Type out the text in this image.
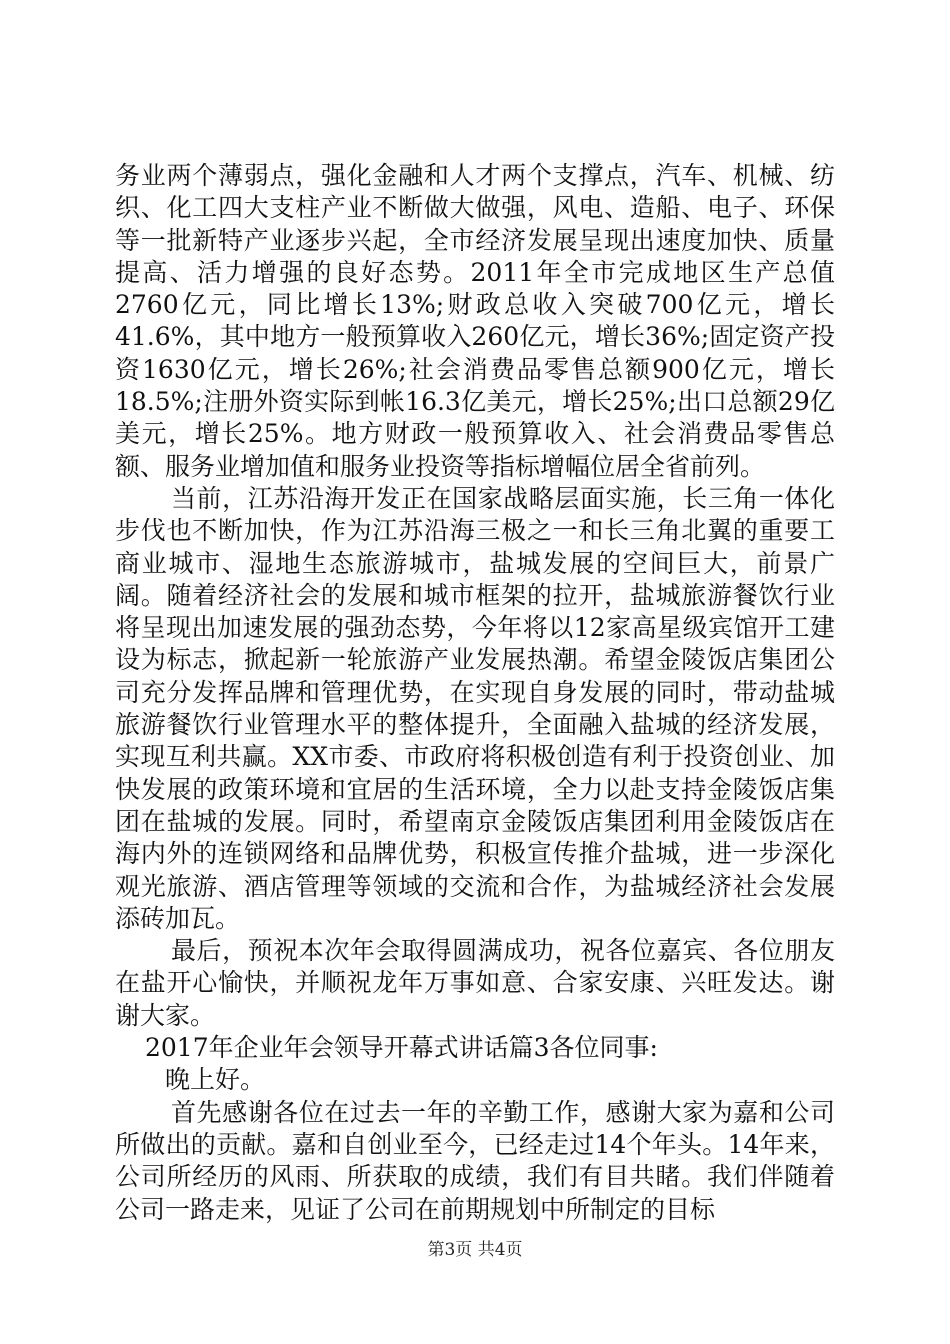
务业两个薄弱点，强化金融和人才两个支撑点，汽车、机械、纺织、化工四大支柱产业不断做大做强，风电、造船、电子、环保等一批新特产业逐步兴起，全市经济发展呈现出速度加快、质量提高、活力增强的良好态势。2011年全市完成地区生产总值2760亿元，同比增长13%;财政总收入突破700亿元，增长41.6%，其中地方一般预算收入260亿元，增长36%;固定资产投资1630亿元，增长26%;社会消费品零售总额900亿元，增长18.5%;注册外资实际到帐16.3亿美元，增长25%;出口总额29亿美元，增长25%。地方财政一般预算收入、社会消费品零售总额、服务业增加值和服务业投资等指标增幅位居全省前列。

当前，江苏沿海开发正在国家战略层面实施，长三角一体化步伐也不断加快，作为江苏沿海三极之一和长三角北翼的重要工商业城市、湿地生态旅游城市，盐城发展的空间巨大，前景广阔。随着经济社会的发展和城市框架的拉开，盐城旅游餐饮行业将呈现出加速发展的强劲态势，今年将以12家高星级宾馆开工建设为标志，掀起新一轮旅游产业发展热潮。希望金陵饭店集团公司充分发挥品牌和管理优势，在实现自身发展的同时，带动盐城旅游餐饮行业管理水平的整体提升，全面融入盐城的经济发展，实现互利共赢。XX市委、市政府将积极创造有利于投资创业、加快发展的政策环境和宜居的生活环境，全力以赴支持金陵饭店集团在盐城的发展。同时，希望南京金陵饭店集团利用金陵饭店在海内外的连锁网络和品牌优势，积极宣传推介盐城，进一步深化观光旅游、酒店管理等领域的交流和合作，为盐城经济社会发展添砖加瓦。

最后，预祝本次年会取得圆满成功，祝各位嘉宾、各位朋友在盐开心愉快，并顺祝龙年万事如意、合家安康、兴旺发达。谢谢大家。

2017年企业年会领导开幕式讲话篇3各位同事:

晚上好。

首先感谢各位在过去一年的辛勤工作，感谢大家为嘉和公司所做出的贡献。嘉和自创业至今，已经走过14个年头。14年来，公司所经历的风雨、所获取的成绩，我们有目共睹。我们伴随着公司一路走来，见证了公司在前期规划中所制定的目标

第3页 共4页
